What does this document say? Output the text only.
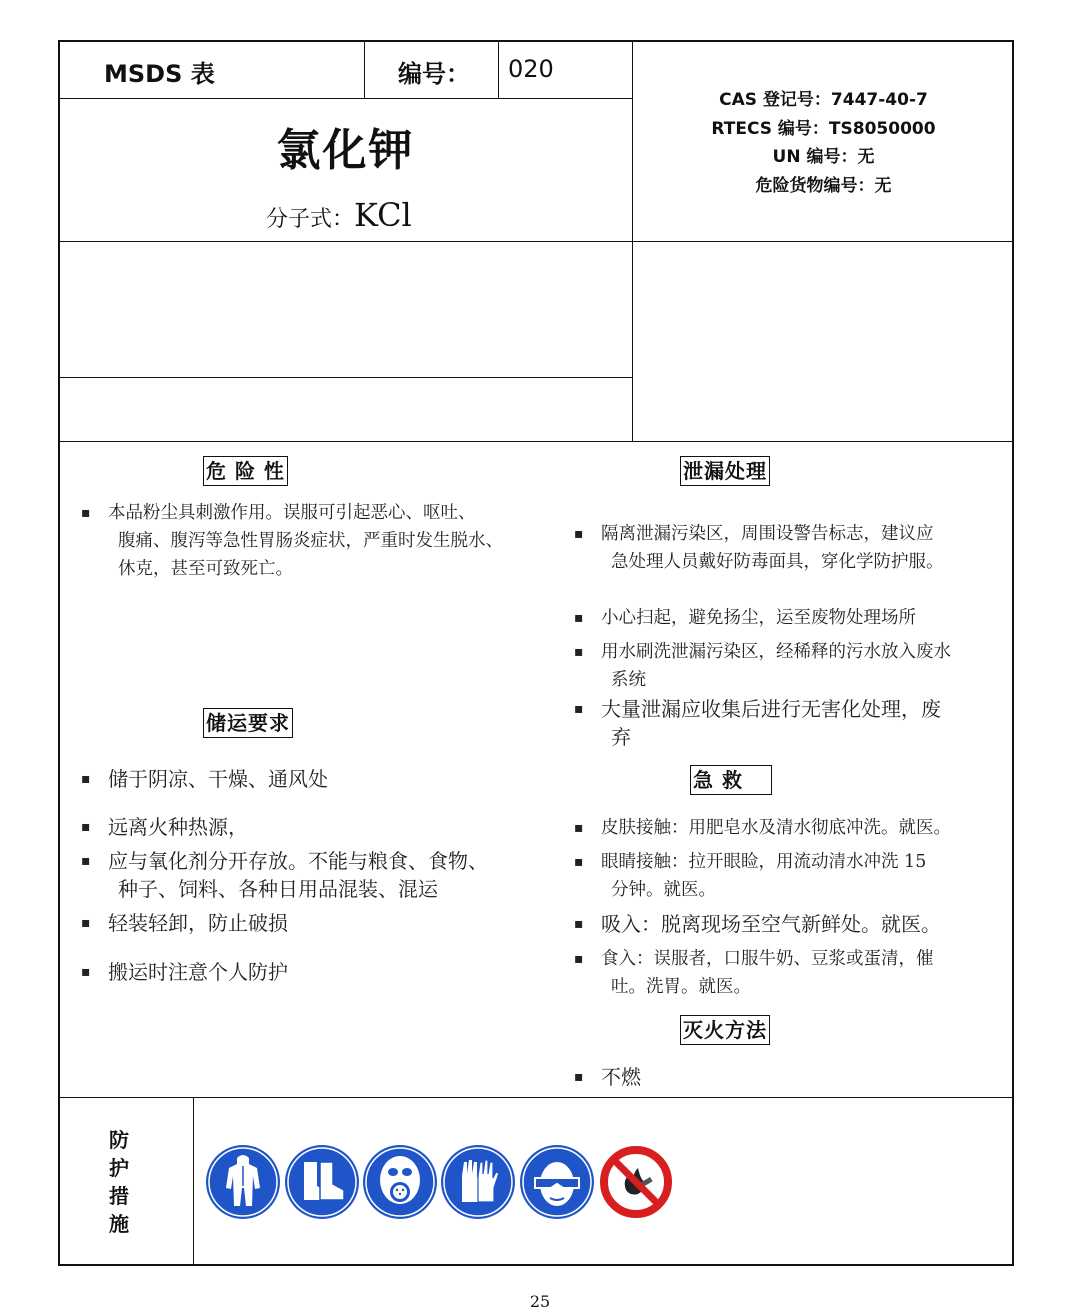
MSDS 表	编号： 020
氯化钾
分子式：KCl
CAS 登记号：7447-40-7
RTECS 编号：TS8050000
UN 编号：无
危险货物编号：无
危 险 性
储运要求
泄漏处理
急 救
灭火方法
▪ 本品粉尘具刺激作用。误服可引起恶心、呕吐、
腹痛、腹泻等急性胃肠炎症状，严重时发生脱水、
休克，甚至可致死亡。
▪ 储于阴凉、干燥、通风处
▪ 远离火种热源，
▪ 应与氧化剂分开存放。不能与粮食、食物、
种子、饲料、各种日用品混装、混运
▪ 轻装轻卸，防止破损
▪ 搬运时注意个人防护
▪ 隔离泄漏污染区，周围设警告标志，建议应
急处理人员戴好防毒面具，穿化学防护服。
▪ 小心扫起，避免扬尘，运至废物处理场所
▪ 用水刷洗泄漏污染区，经稀释的污水放入废水
系统
▪ 大量泄漏应收集后进行无害化处理，废
弃
▪ 皮肤接触：用肥皂水及清水彻底冲洗。就医。
▪ 眼睛接触：拉开眼睑，用流动清水冲洗 15
分钟。就医。
▪ 吸入：脱离现场至空气新鲜处。就医。
▪ 食入：误服者，口服牛奶、豆浆或蛋清，催
吐。洗胃。就医。
▪ 不燃
防
护
措
施
25
